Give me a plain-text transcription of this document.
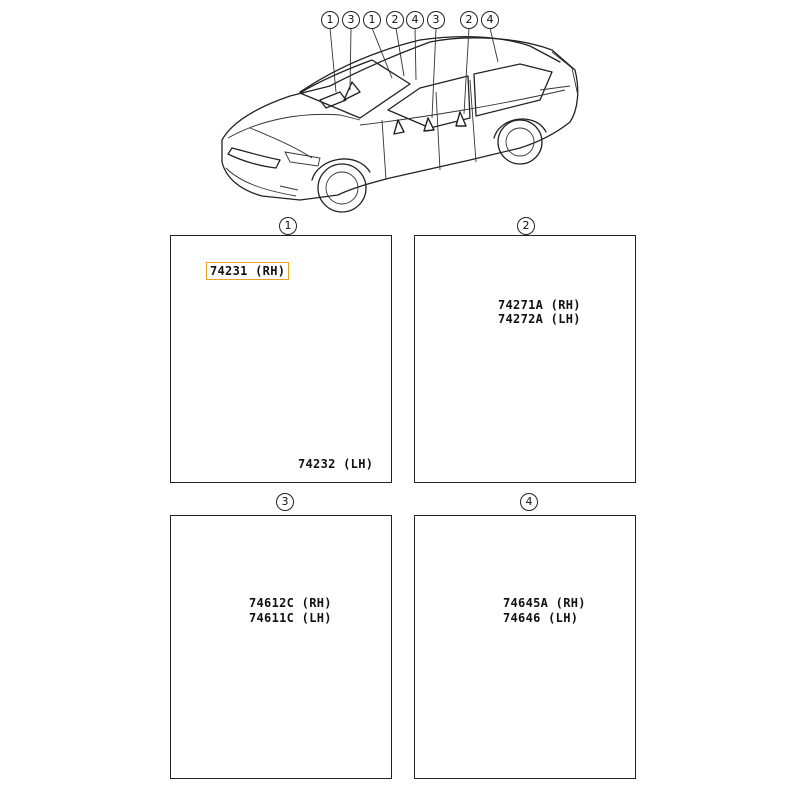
1	3	1	2	4	3	2	4
1
74231 (RH)
74232 (LH)
2
74271A (RH)
74272A (LH)
3
74612C (RH)
74611C (LH)
4
74645A (RH)
74646 (LH)
